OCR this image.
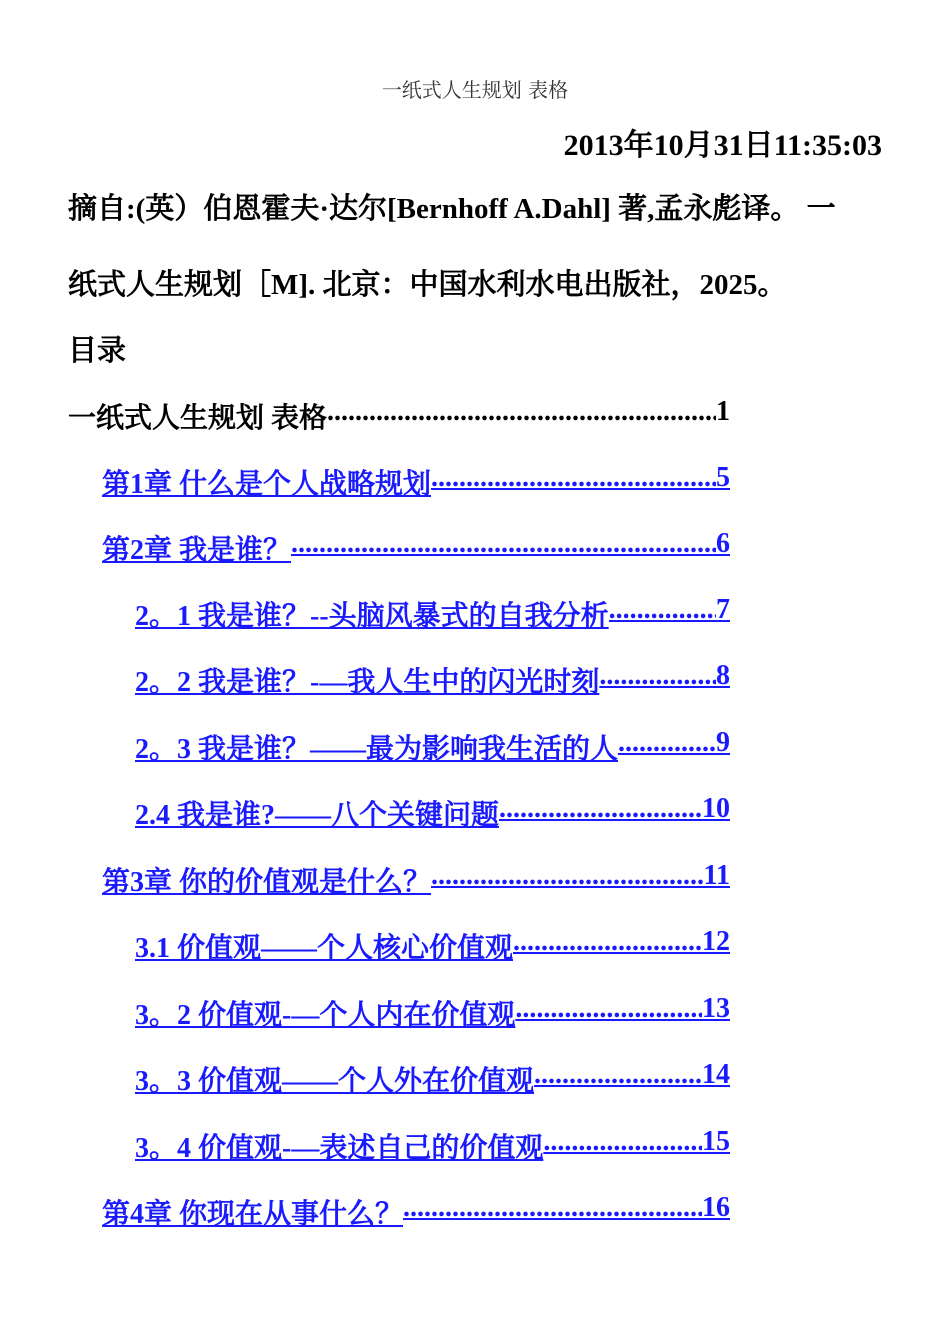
一纸式人生规划 表格
2013年10月31日11:35:03
摘自:(英）伯恩霍夫·达尔[Bernhoff A.Dahl] 著,孟永彪译。 一
纸式人生规划［M]. 北京：中国水利水电出版社，2025。
目录
一纸式人生规划 表格 .....	1
第1章 什么是个人战略规划 .....	5
第2章 我是谁？ .....	6
2。1 我是谁？--头脑风暴式的自我分析 .....	7
2。2 我是谁？-—我人生中的闪光时刻 .....	8
2。3 我是谁？——最为影响我生活的人 .....	9
2.4 我是谁?——八个关键问题 .....	10
第3章 你的价值观是什么？ .....	11
3.1 价值观——个人核心价值观 .....	12
3。2 价值观-—个人内在价值观 .....	13
3。3 价值观——个人外在价值观 .....	14
3。4 价值观-—表述自己的价值观 .....	15
第4章 你现在从事什么？ .....	16
